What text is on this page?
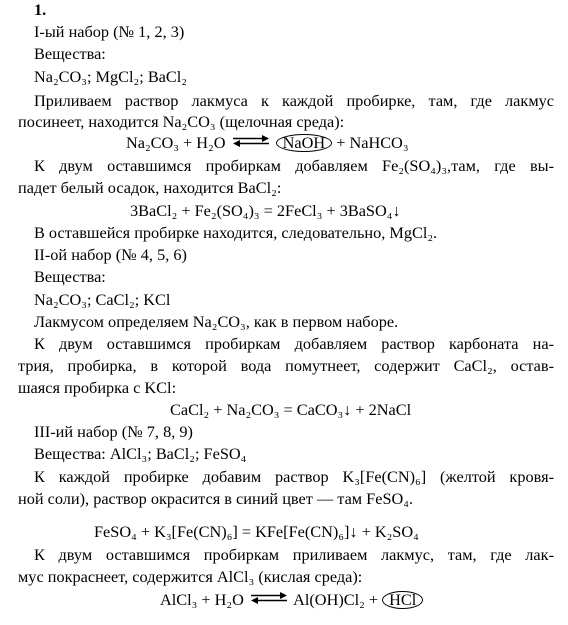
1.
I-ый набор (№ 1, 2, 3)
Вещества:
Na₂CO₃; MgCl₂; BaCl₂
Приливаем раствор лакмуса к каждой пробирке, там, где лакмус
посинеет, находится Na₂CO₃ (щелочная среда):
Na₂CO₃ + H₂O ⇌ NaOH + NaHCO₃
К двум оставшимся пробиркам добавляем Fe₂(SO₄)₃,там, где вы-
падет белый осадок, находится BaCl₂:
3BaCl₂ + Fe₂(SO₄)₃ = 2FeCl₃ + 3BaSO₄↓
В оставшейся пробирке находится, следовательно, MgCl₂.
II-ой набор (№ 4, 5, 6)
Вещества:
Na₂CO₃; CaCl₂; KCl
Лакмусом определяем Na₂CO₃, как в первом наборе.
К двум оставшимся пробиркам добавляем раствор карбоната на-
трия, пробирка, в которой вода помутнеет, содержит CaCl₂, остав-
шаяся пробирка с KCl:
CaCl₂ + Na₂CO₃ = CaCO₃↓ + 2NaCl
III-ий набор (№ 7, 8, 9)
Вещества: AlCl₃; BaCl₂; FeSO₄
К каждой пробирке добавим раствор K₃[Fe(CN)₆] (желтой кровя-
ной соли), раствор окрасится в синий цвет — там FeSO₄.
FeSO₄ + K₃[Fe(CN)₆] = KFe[Fe(CN)₆]↓ + K₂SO₄
К двум оставшимся пробиркам приливаем лакмус, там, где лак-
мус покраснеет, содержится AlCl₃ (кислая среда):
AlCl₃ + H₂O ⇌ Al(OH)Cl₂ + HCl
